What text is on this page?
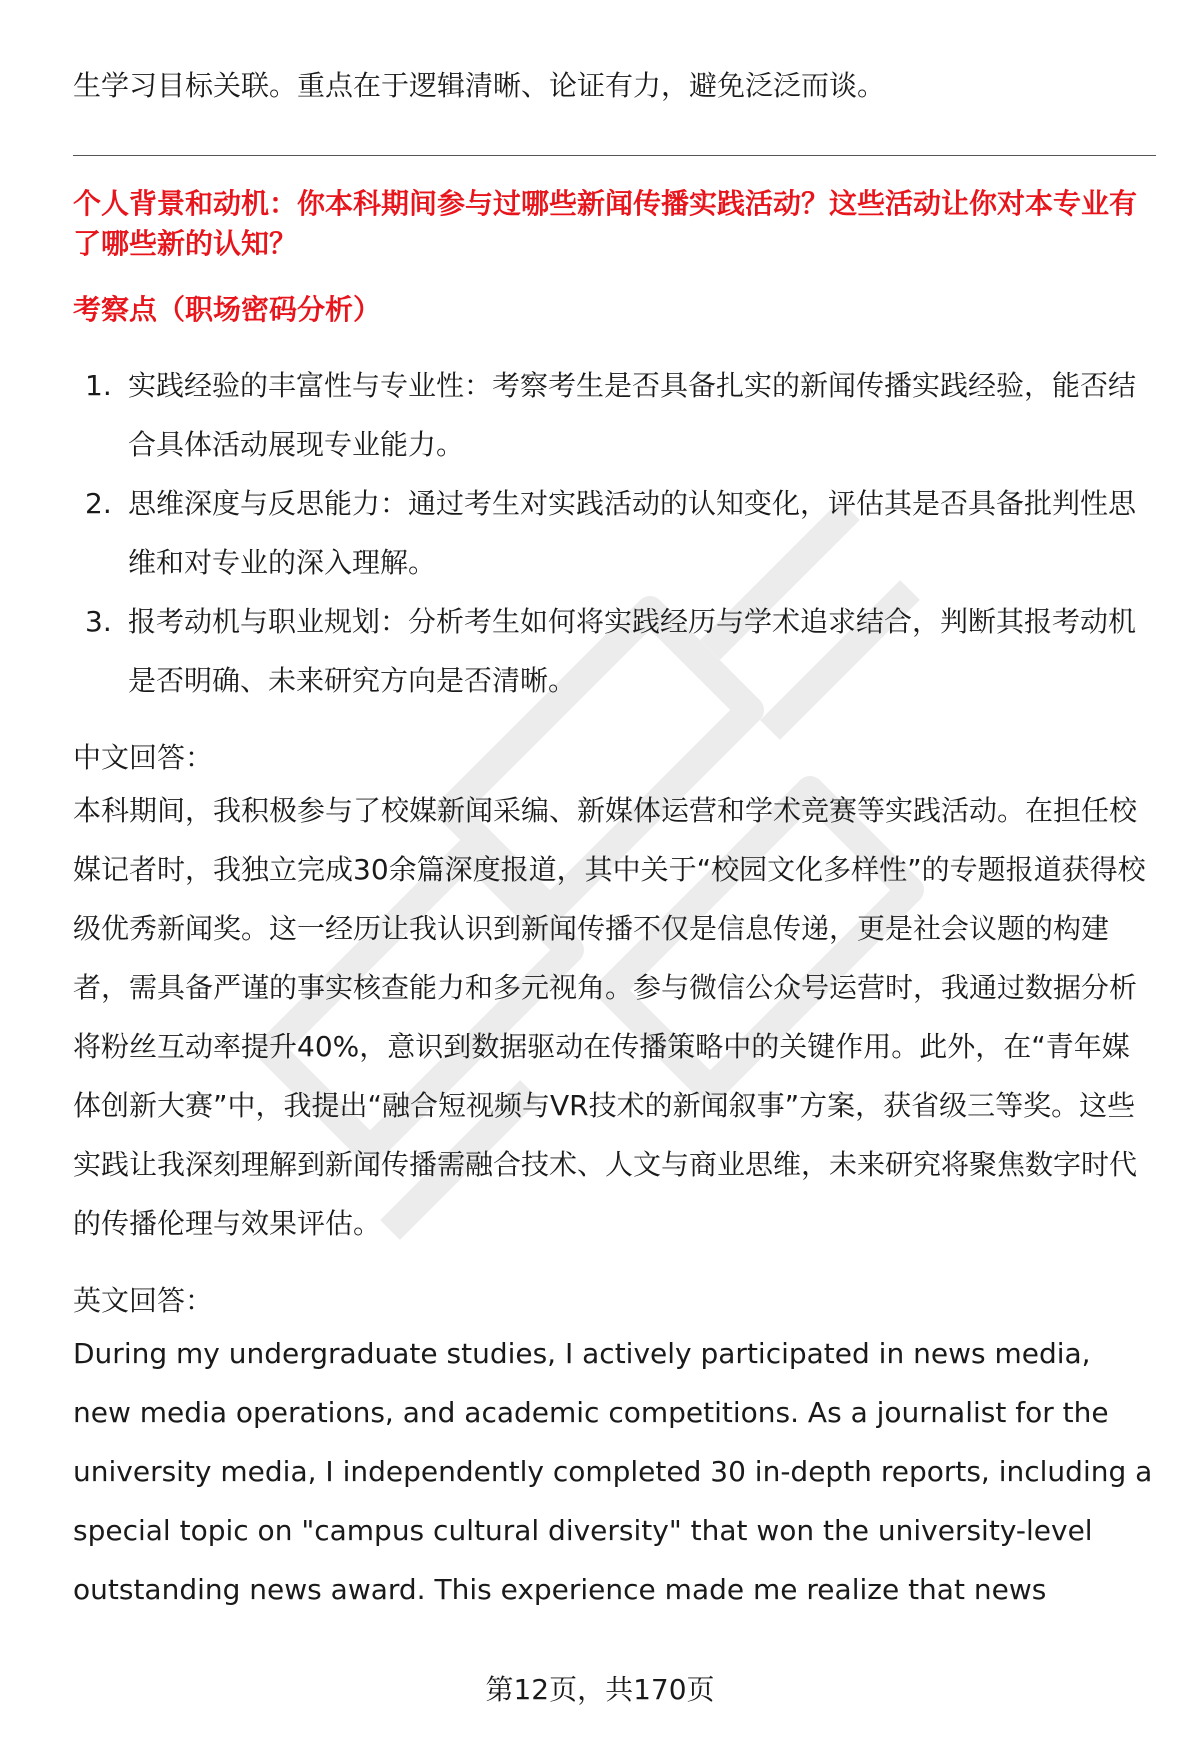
生学习目标关联。重点在于逻辑清晰、论证有力，避免泛泛而谈。

个人背景和动机：你本科期间参与过哪些新闻传播实践活动？这些活动让你对本专业有了哪些新的认知？

考察点（职场密码分析）

1. 实践经验的丰富性与专业性：考察考生是否具备扎实的新闻传播实践经验，能否结合具体活动展现专业能力。
2. 思维深度与反思能力：通过考生对实践活动的认知变化，评估其是否具备批判性思维和对专业的深入理解。
3. 报考动机与职业规划：分析考生如何将实践经历与学术追求结合，判断其报考动机是否明确、未来研究方向是否清晰。

中文回答：

本科期间，我积极参与了校媒新闻采编、新媒体运营和学术竞赛等实践活动。在担任校媒记者时，我独立完成30余篇深度报道，其中关于“校园文化多样性”的专题报道获得校级优秀新闻奖。这一经历让我认识到新闻传播不仅是信息传递，更是社会议题的构建者，需具备严谨的事实核查能力和多元视角。参与微信公众号运营时，我通过数据分析将粉丝互动率提升40%，意识到数据驱动在传播策略中的关键作用。此外，在“青年媒体创新大赛”中，我提出“融合短视频与VR技术的新闻叙事”方案，获省级三等奖。这些实践让我深刻理解到新闻传播需融合技术、人文与商业思维，未来研究将聚焦数字时代的传播伦理与效果评估。

英文回答：

During my undergraduate studies, I actively participated in news media, new media operations, and academic competitions. As a journalist for the university media, I independently completed 30 in-depth reports, including a special topic on "campus cultural diversity" that won the university-level outstanding news award. This experience made me realize that news

第12页，共170页
